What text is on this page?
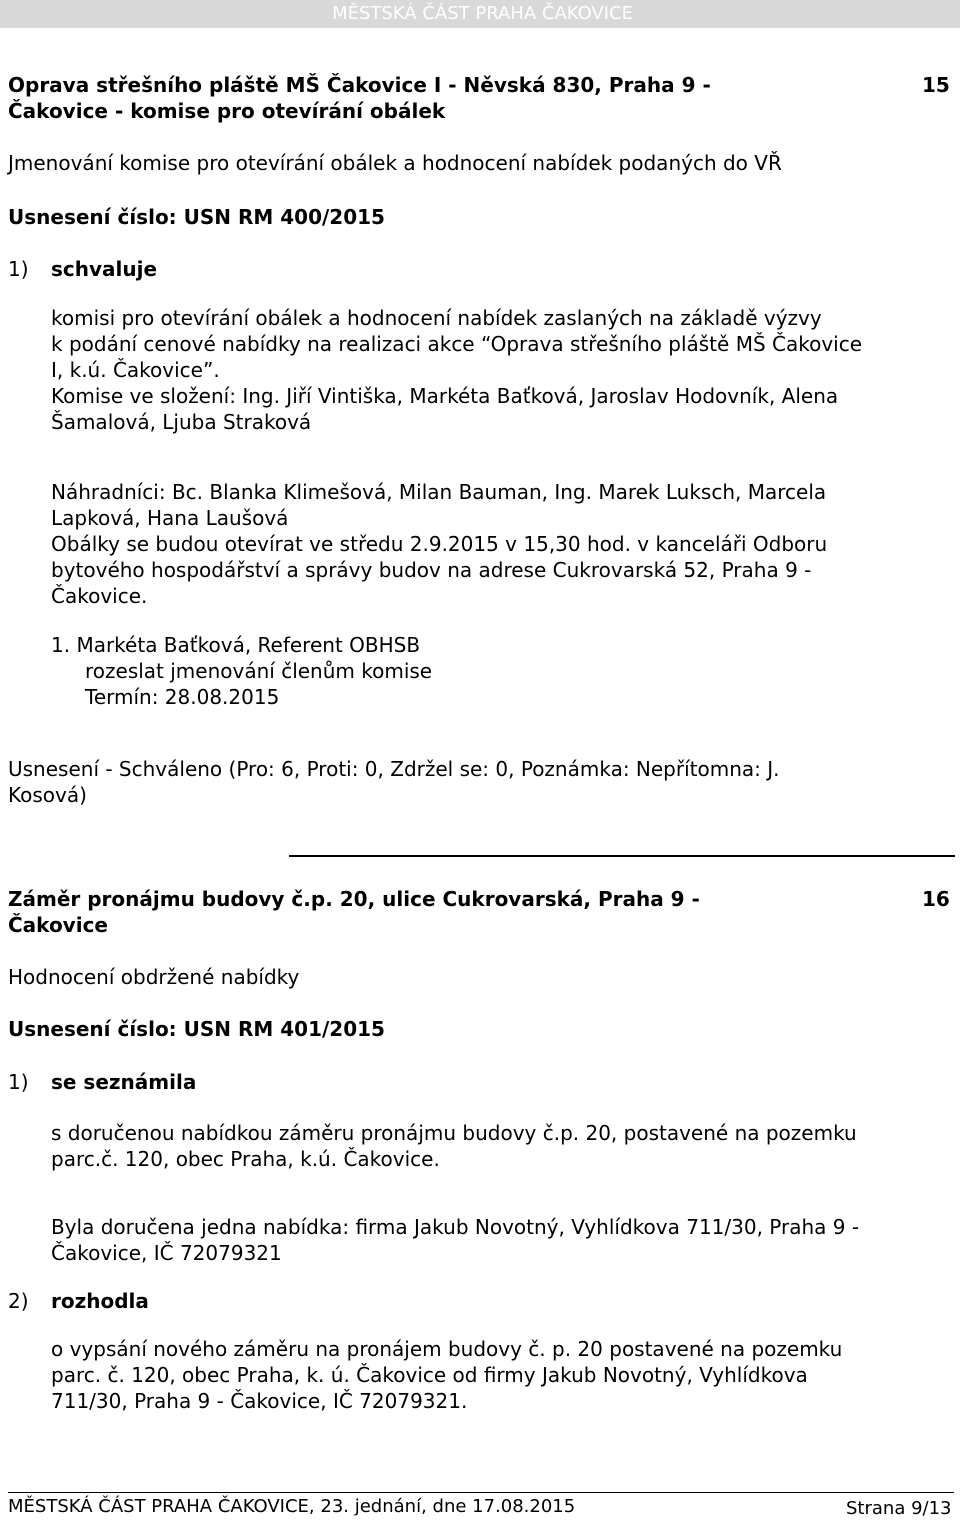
MĚSTSKÁ ČÁST PRAHA ČAKOVICE
Oprava střešního pláště MŠ Čakovice I - Něvská 830, Praha 9 -
Čakovice - komise pro otevírání obálek
15
Jmenování komise pro otevírání obálek a hodnocení nabídek podaných do VŘ
Usnesení číslo: USN RM 400/2015
1) schvaluje
komisi pro otevírání obálek a hodnocení nabídek zaslaných na základě výzvy
k podání cenové nabídky na realizaci akce “Oprava střešního pláště MŠ Čakovice
I, k.ú. Čakovice”.
Komise ve složení: Ing. Jiří Vintiška, Markéta Baťková, Jaroslav Hodovník, Alena
Šamalová, Ljuba Straková
Náhradníci: Bc. Blanka Klimešová, Milan Bauman, Ing. Marek Luksch, Marcela
Lapková, Hana Laušová
Obálky se budou otevírat ve středu 2.9.2015 v 15,30 hod. v kanceláři Odboru
bytového hospodářství a správy budov na adrese Cukrovarská 52, Praha 9 -
Čakovice.
1. Markéta Baťková, Referent OBHSB
rozeslat jmenování členům komise
Termín: 28.08.2015
Usnesení - Schváleno (Pro: 6, Proti: 0, Zdržel se: 0, Poznámka: Nepřítomna: J.
Kosová)
Záměr pronájmu budovy č.p. 20, ulice Cukrovarská, Praha 9 -
Čakovice
16
Hodnocení obdržené nabídky
Usnesení číslo: USN RM 401/2015
1) se seznámila
s doručenou nabídkou záměru pronájmu budovy č.p. 20, postavené na pozemku
parc.č. 120, obec Praha, k.ú. Čakovice.
Byla doručena jedna nabídka: firma Jakub Novotný, Vyhlídkova 711/30, Praha 9 -
Čakovice, IČ 72079321
2) rozhodla
o vypsání nového záměru na pronájem budovy č. p. 20 postavené na pozemku
parc. č. 120, obec Praha, k. ú. Čakovice od firmy Jakub Novotný, Vyhlídkova
711/30, Praha 9 - Čakovice, IČ 72079321.
MĚSTSKÁ ČÁST PRAHA ČAKOVICE, 23. jednání, dne 17.08.2015	Strana 9/13
